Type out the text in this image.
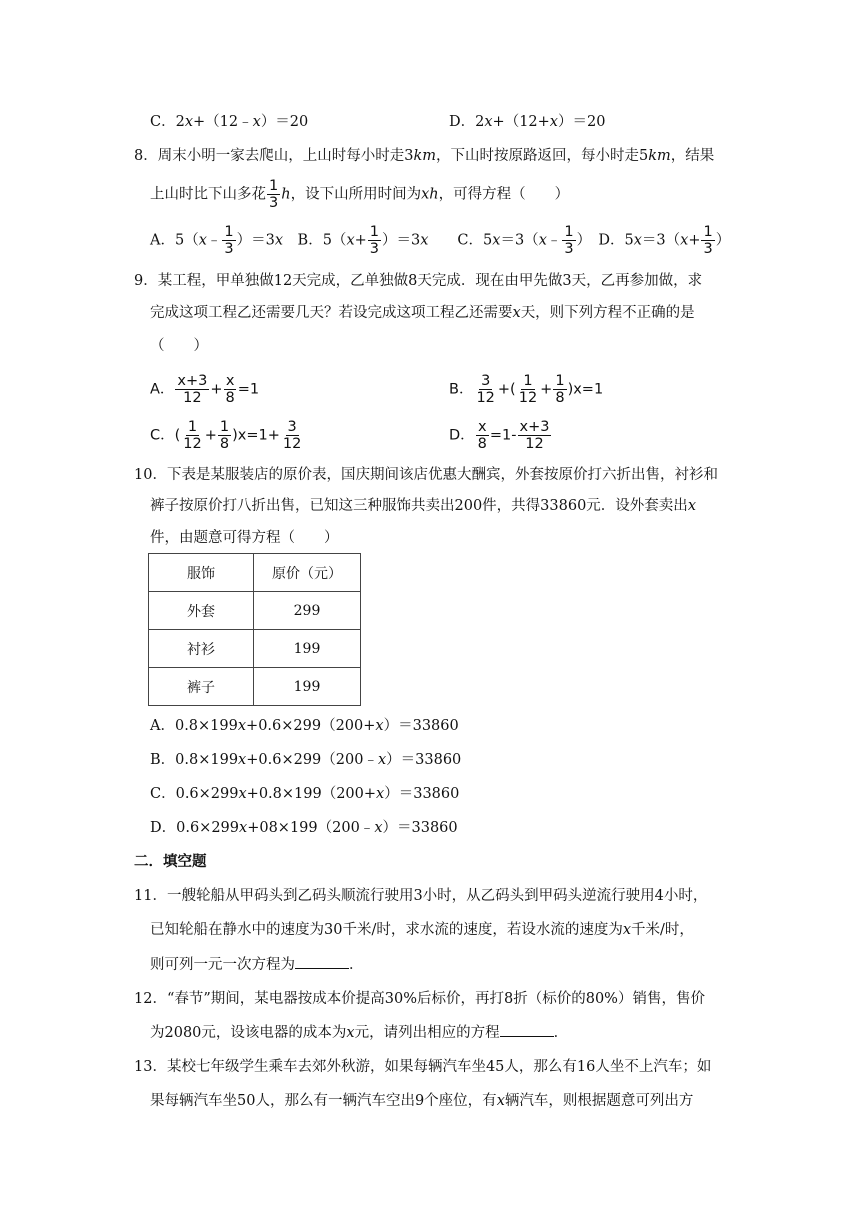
C．2x+（12﹣x）＝20	D．2x+（12+x）＝20
8．周末小明一家去爬山，上山时每小时走3km，下山时按原路返回，每小时走5km，结果
上山时比下山多花 $\frac{1}{3}$ h，设下山所用时间为xh，可得方程（　　）
A．5（x﹣ $\frac{1}{3} )=3x$　B．$5(x+ \frac{1}{3} )=3x$　　C．5x＝3（x﹣ $\frac{1}{3}$ ）　D．$5x=3(x+ \frac{1}{3}$ ）
9．某工程，甲单独做12天完成，乙单独做8天完成．现在由甲先做3天，乙再参加做，求
完成这项工程乙还需要几天？若设完成这项工程乙还需要x天，则下列方程不正确的是
（　　）
A． $\frac{x+3}{12} + \frac{x}{8} =1$	B． $\frac{3}{12}$ +( $\frac{1}{12} + \frac{1}{8} )x=1$
C．( $\frac{1}{12} + \frac{1}{8} )x=1+ \frac{3}{12}$	D． $\frac{x}{8} =1- \frac{x+3}{12}$
10．下表是某服装店的原价表，国庆期间该店优惠大酬宾，外套按原价打六折出售，衬衫和
裤子按原价打八折出售，已知这三种服饰共卖出200件，共得33860元．设外套卖出x
件，由题意可得方程（　　）
服饰	原价（元）
外套	299
衬衫	199
裤子	199
A．0.8×199x+0.6×299（200+x）＝33860
B．0.8×199x+0.6×299（200﹣x）＝33860
C．0.6×299x+0.8×199（200+x）＝33860
D．0.6×299x+08×199（200﹣x）＝33860
二．填空题
11．一艘轮船从甲码头到乙码头顺流行驶用3小时，从乙码头到甲码头逆流行驶用4小时，
已知轮船在静水中的速度为30千米/时，求水流的速度，若设水流的速度为x千米/时，
则可列一元一次方程为	．
12．“春节”期间，某电器按成本价提高30%后标价，再打8折（标价的80%）销售，售价
为2080元，设该电器的成本为x元，请列出相应的方程	．
13．某校七年级学生乘车去郊外秋游，如果每辆汽车坐45人，那么有16人坐不上汽车；如
果每辆汽车坐50人，那么有一辆汽车空出9个座位，有x辆汽车，则根据题意可列出方
